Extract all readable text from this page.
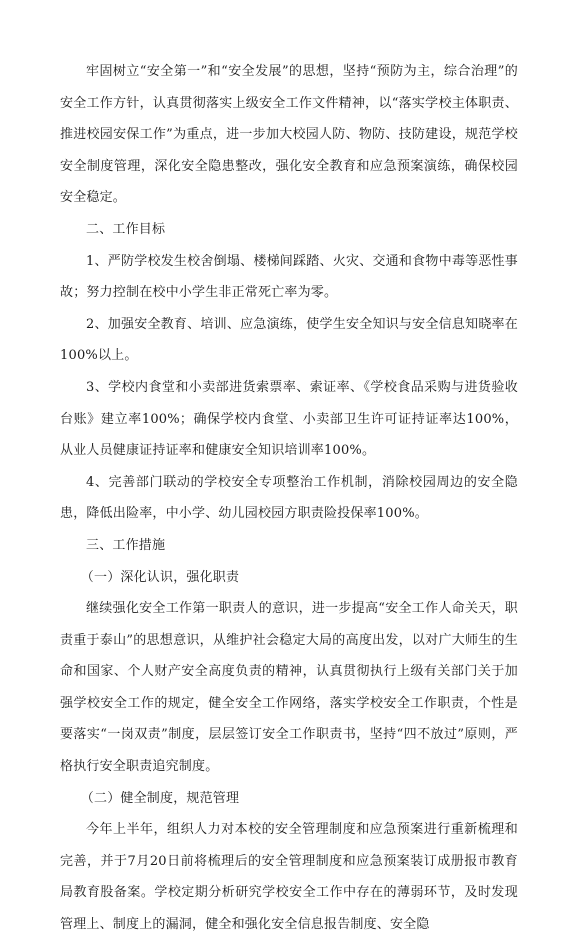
牢固树立“安全第一”和“安全发展”的思想，坚持“预防为主，综合治理”的安全工作方针，认真贯彻落实上级安全工作文件精神，以“落实学校主体职责、推进校园安保工作”为重点，进一步加大校园人防、物防、技防建设，规范学校安全制度管理，深化安全隐患整改，强化安全教育和应急预案演练，确保校园安全稳定。

二、工作目标

1、严防学校发生校舍倒塌、楼梯间踩踏、火灾、交通和食物中毒等恶性事故；努力控制在校中小学生非正常死亡率为零。

2、加强安全教育、培训、应急演练，使学生安全知识与安全信息知晓率在100%以上。

3、学校内食堂和小卖部进货索票率、索证率、《学校食品采购与进货验收台账》建立率100%；确保学校内食堂、小卖部卫生许可证持证率达100%，从业人员健康证持证率和健康安全知识培训率100%。

4、完善部门联动的学校安全专项整治工作机制，消除校园周边的安全隐患，降低出险率，中小学、幼儿园校园方职责险投保率100%。

三、工作措施

（一）深化认识，强化职责

继续强化安全工作第一职责人的意识，进一步提高“安全工作人命关天，职责重于泰山”的思想意识，从维护社会稳定大局的高度出发，以对广大师生的生命和国家、个人财产安全高度负责的精神，认真贯彻执行上级有关部门关于加强学校安全工作的规定，健全安全工作网络，落实学校安全工作职责，个性是要落实“一岗双责”制度，层层签订安全工作职责书，坚持“四不放过”原则，严格执行安全职责追究制度。

（二）健全制度，规范管理

今年上半年，组织人力对本校的安全管理制度和应急预案进行重新梳理和完善，并于7月20日前将梳理后的安全管理制度和应急预案装订成册报市教育局教育股备案。学校定期分析研究学校安全工作中存在的薄弱环节，及时发现管理上、制度上的漏洞，健全和强化安全信息报告制度、安全隐
